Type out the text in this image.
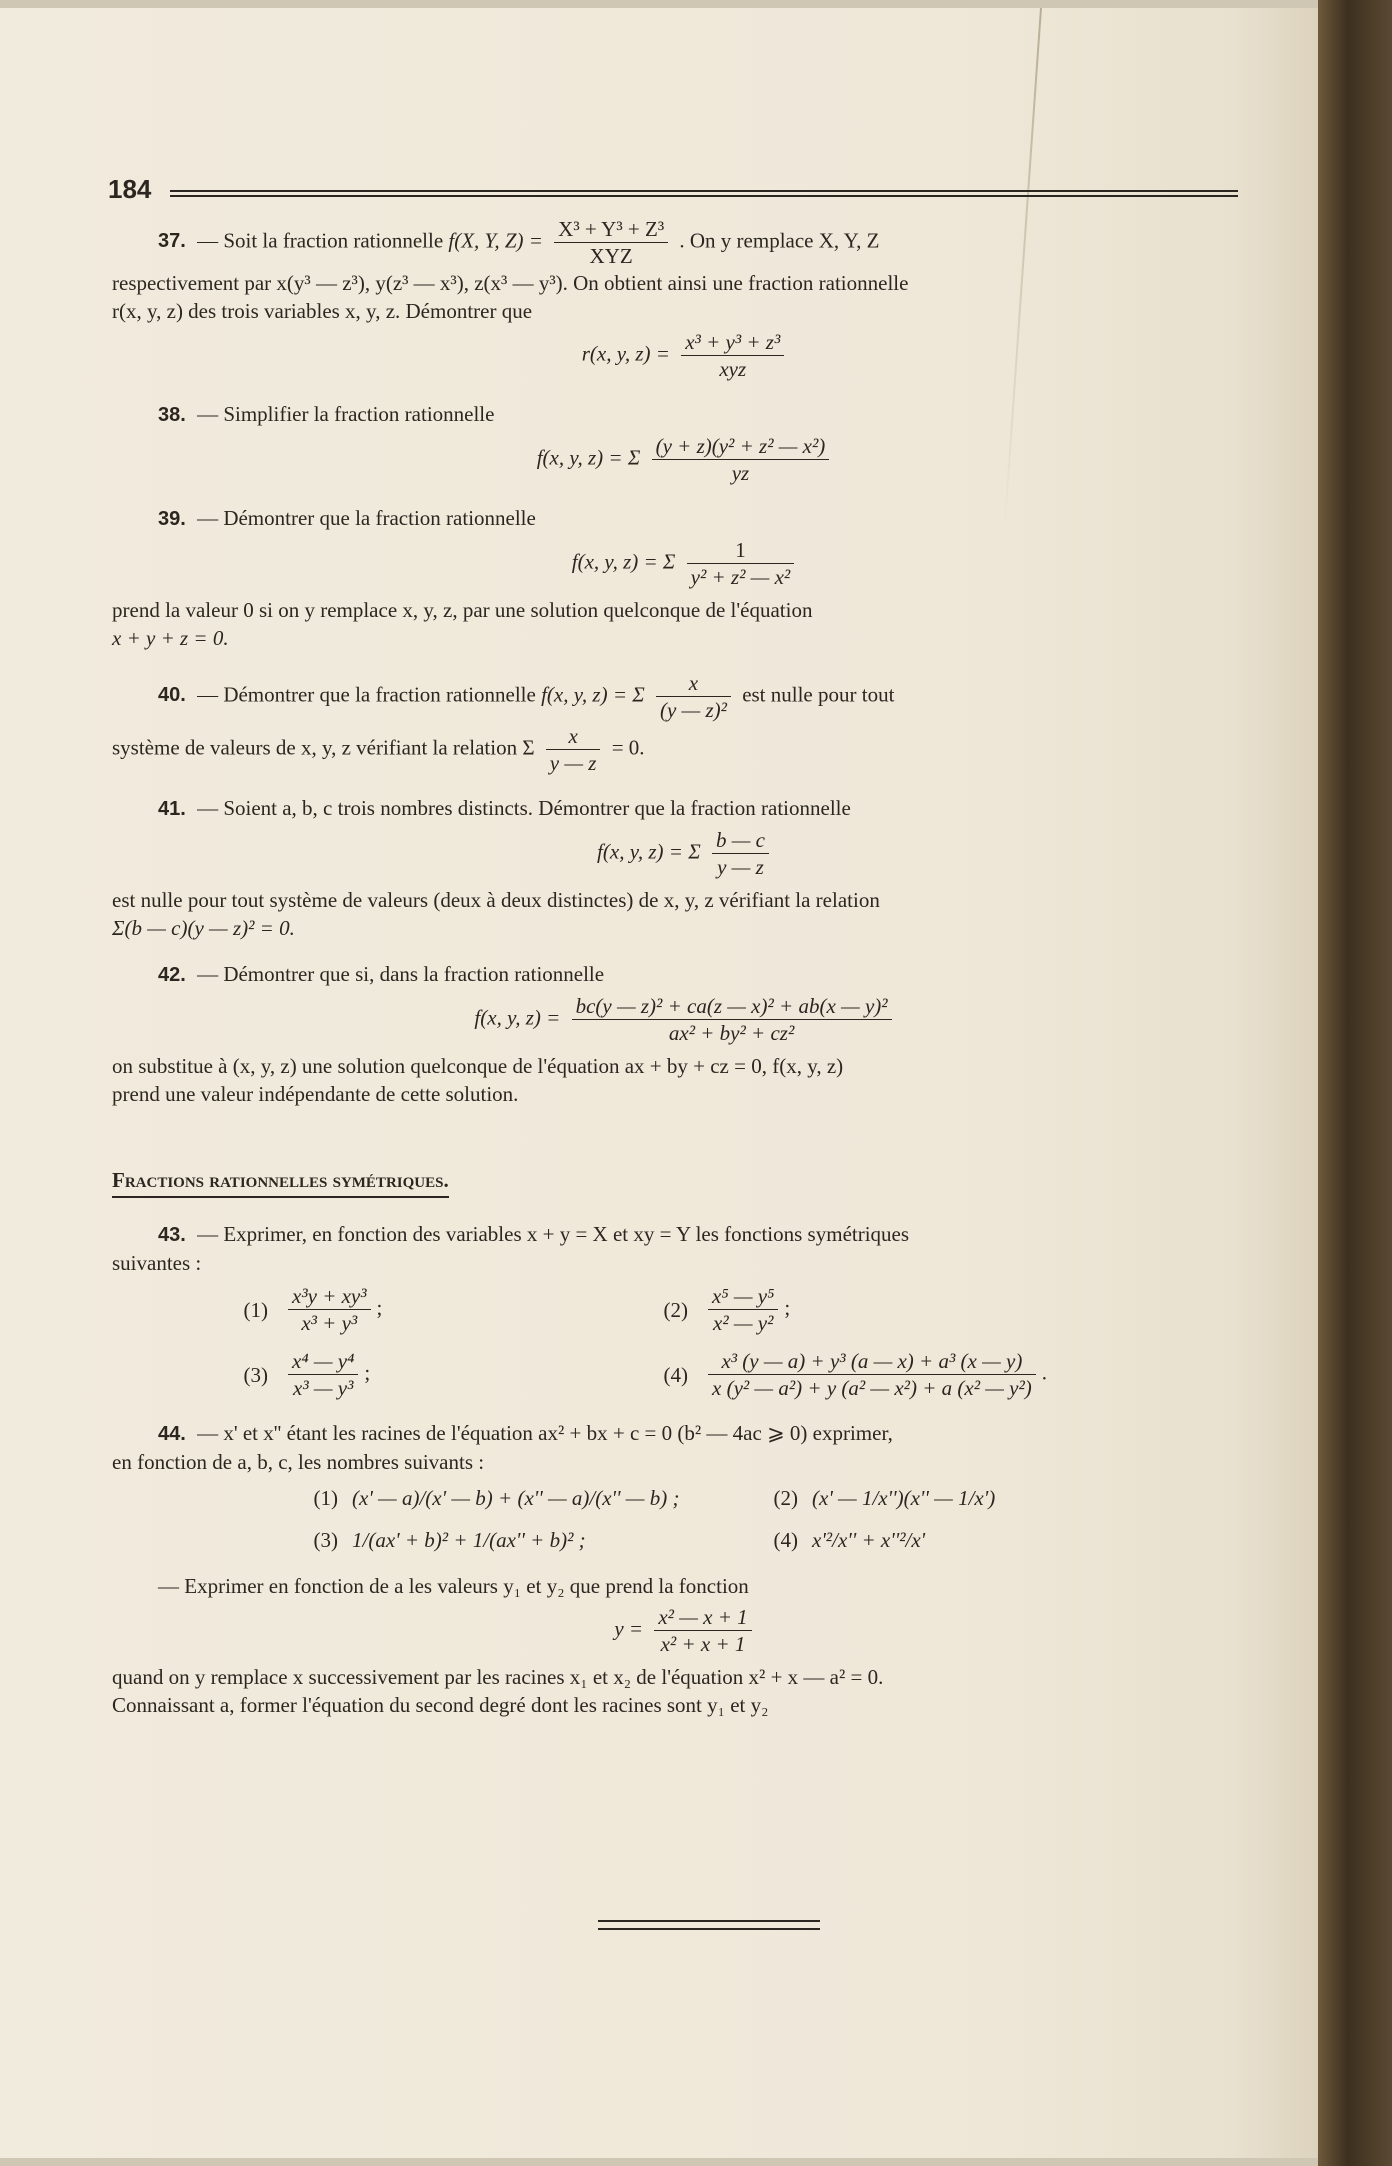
184
37. — Soit la fraction rationnelle f(X, Y, $Z) = \frac{\text{X³ + Y³ + Z³}}{\text{XYZ}}$ . On y remplace X, Y, Z
respectivement par x(y³ — z³), y(z³ — x³), z(x³ — y³). On obtient ainsi une fraction rationnelle
r(x, y, z) des trois variables x, y, z. Démontrer que
r(x, y, $z) = \frac{\text{x³ + y³ + z³}}{\text{xyz}}$
38. — Simplifier la fraction rationnelle
f(x, y, z) = Σ $\frac{\text{(y + z)(y² + z² — x²)}}{yz}$
39. — Démontrer que la fraction rationnelle
f(x, y, z) = Σ $\frac{1}{\text{y² + z² — x²}}$
prend la valeur 0 si on y remplace x, y, z, par une solution quelconque de l'équation
x + y + z = 0.
40. — Démontrer que la fraction rationnelle f(x, y, z) = Σ $\frac{x}{\text{(y — z)²}}$ est nulle pour tout
système de valeurs de x, y, z vérifiant la relation Σ $\frac{x}{y — z} = 0$.
41. — Soient a, b, c trois nombres distincts. Démontrer que la fraction rationnelle
f(x, y, z) = Σ $\frac{b — c}{y — z}$
est nulle pour tout système de valeurs (deux à deux distinctes) de x, y, z vérifiant la relation
Σ(b — c)(y — z)² = 0.
42. — Démontrer que si, dans la fraction rationnelle
f(x, y, $z) = \frac{\text{bc(y — z)² + ca(z — x)² + ab(x — y)²}}{\text{ax² + by² + cz²}}$
on substitue à (x, y, z) une solution quelconque de l'équation ax + by + cz = 0, f(x, y, z)
prend une valeur indépendante de cette solution.
Fractions rationnelles symétriques.
43. — Exprimer, en fonction des variables x + y = X et xy = Y les fonctions symétriques
suivantes :
$(1) \frac{\text{x³y + xy³}}{\text{x³ + y³}}$ ;	$(2) \frac{\text{x⁵ — y⁵}}{\text{x² — y²}}$ ;
$(3) \frac{\text{x⁴ — y⁴}}{\text{x³ — y³}}$ ;	$(4) \frac{\text{x³ (y — a) + y³ (a — x) + a³ (x — y)}}{\text{x (y² — a²) + y (a² — x²) + a (x² — y²)}}$ .
44. — x' et x'' étant les racines de l'équation ax² + bx + c = 0 (b² — 4ac ⩾ 0) exprimer,
en fonction de a, b, c, les nombres suivants :
(1) (x' — a)/(x' — b) + (x'' — a)/(x'' — b) ;	(2) (x' — 1/x'')(x'' — 1/x')
(3) 1/(ax' + b)² + 1/(ax'' + b)² ;	(4) x'²/x'' + x''²/x'
— Exprimer en fonction de a les valeurs y₁ et y₂ que prend la fonction
$y = \frac{\text{x² — x + 1}}{\text{x² + x + 1}}$
quand on y remplace x successivement par les racines x₁ et x₂ de l'équation x² + x — a² = 0.
Connaissant a, former l'équation du second degré dont les racines sont y₁ et y₂
